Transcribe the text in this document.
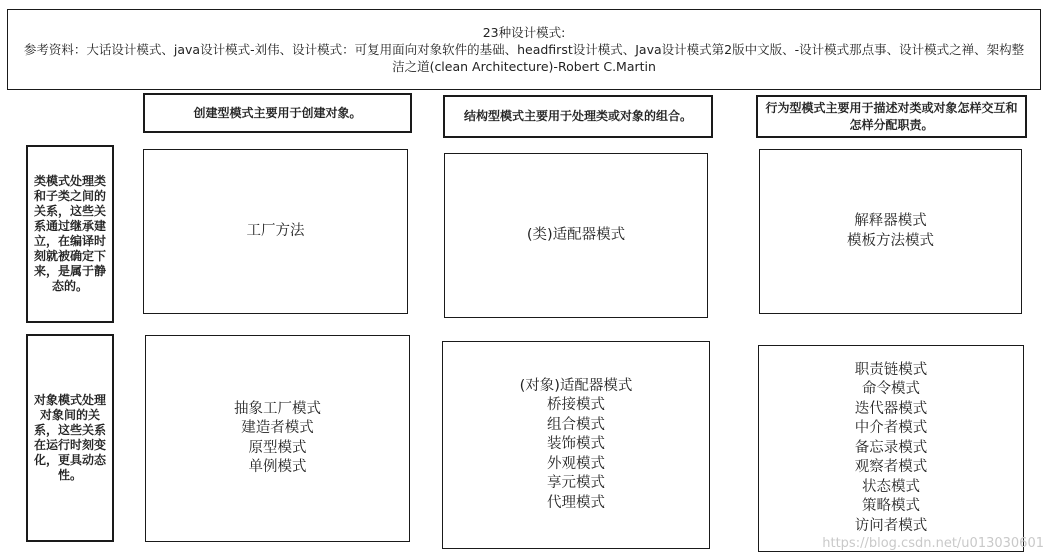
23种设计模式:
参考资料：大话设计模式、java设计模式-刘伟、设计模式：可复用面向对象软件的基础、headfirst设计模式、Java设计模式第2版中文版、-设计模式那点事、设计模式之禅、架构整洁之道(clean Architecture)-Robert C.Martin
创建型模式主要用于创建对象。	结构型模式主要用于处理类或对象的组合。
行为型模式主要用于描述对类或对象怎样交互和怎样分配职责。
类模式处理类和子类之间的关系，这些关系通过继承建立，在编译时刻就被确定下来，是属于静态的。
对象模式处理对象间的关系，这些关系在运行时刻变化，更具动态性。
工厂方法	(类)适配器模式
解释器模式
模板方法模式
抽象工厂模式
建造者模式
原型模式
单例模式
(对象)适配器模式
桥接模式
组合模式
装饰模式
外观模式
享元模式
代理模式
职责链模式
命令模式
迭代器模式
中介者模式
备忘录模式
观察者模式
状态模式
策略模式
访问者模式
https://blog.csdn.net/u013030601
